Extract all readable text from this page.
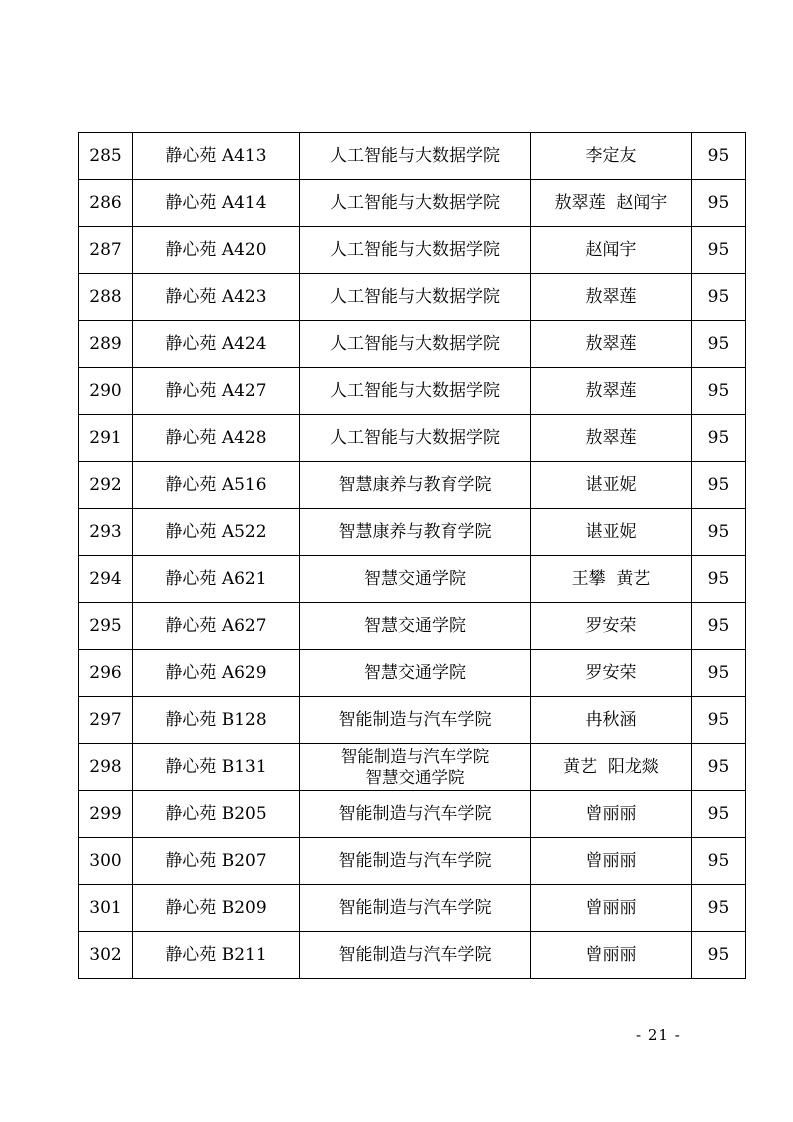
285	静心苑 A413	人工智能与大数据学院	李定友	95
286	静心苑 A414	人工智能与大数据学院	敖翠莲  赵闻宇	95
287	静心苑 A420	人工智能与大数据学院	赵闻宇	95
288	静心苑 A423	人工智能与大数据学院	敖翠莲	95
289	静心苑 A424	人工智能与大数据学院	敖翠莲	95
290	静心苑 A427	人工智能与大数据学院	敖翠莲	95
291	静心苑 A428	人工智能与大数据学院	敖翠莲	95
292	静心苑 A516	智慧康养与教育学院	谌亚妮	95
293	静心苑 A522	智慧康养与教育学院	谌亚妮	95
294	静心苑 A621	智慧交通学院	王攀  黄艺	95
295	静心苑 A627	智慧交通学院	罗安荣	95
296	静心苑 A629	智慧交通学院	罗安荣	95
297	静心苑 B128	智能制造与汽车学院	冉秋涵	95
298	静心苑 B131	智能制造与汽车学院
智慧交通学院	黄艺  阳龙燚	95
299	静心苑 B205	智能制造与汽车学院	曾丽丽	95
300	静心苑 B207	智能制造与汽车学院	曾丽丽	95
301	静心苑 B209	智能制造与汽车学院	曾丽丽	95
302	静心苑 B211	智能制造与汽车学院	曾丽丽	95
- 21 -
